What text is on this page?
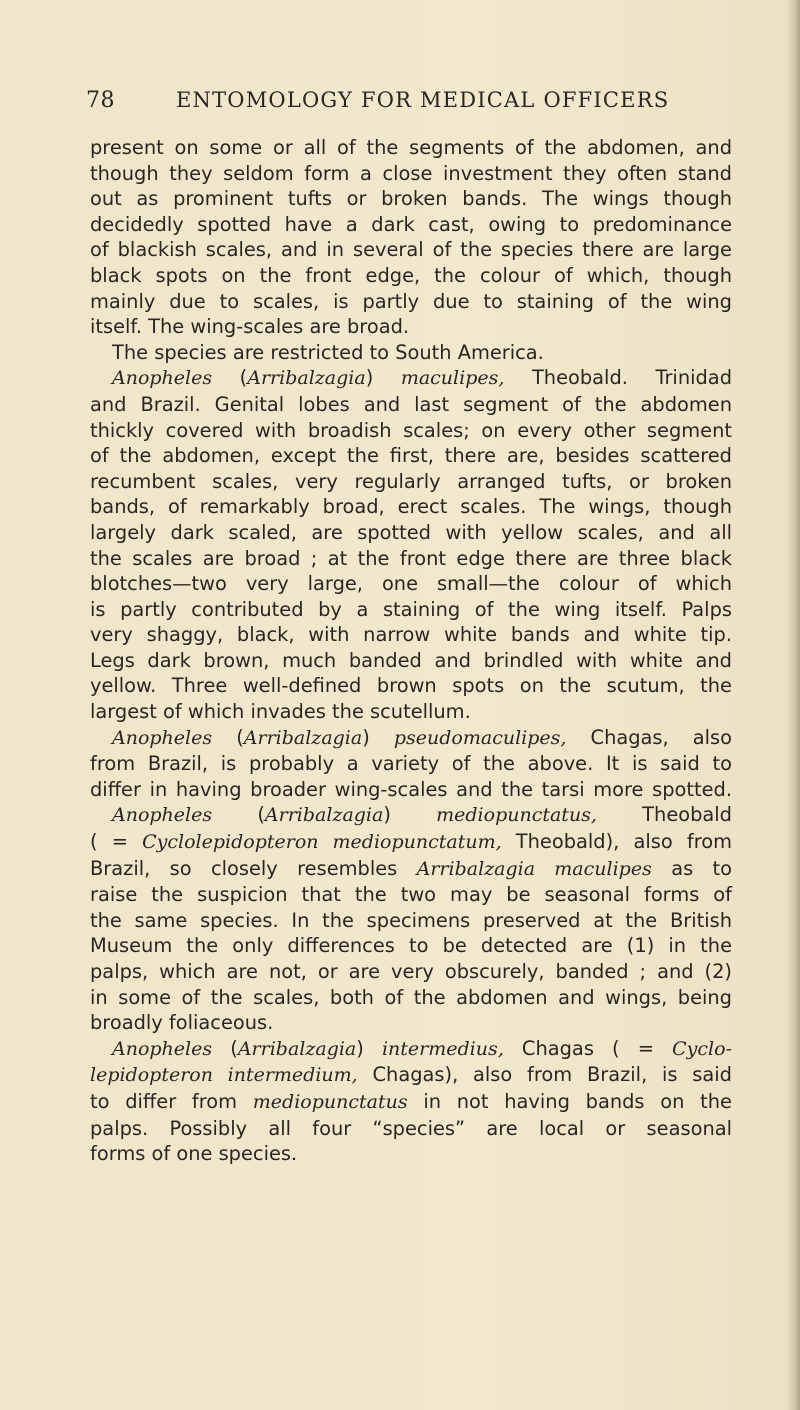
78	ENTOMOLOGY FOR MEDICAL OFFICERS
present on some or all of the segments of the abdomen, and
though they seldom form a close investment they often stand
out as prominent tufts or broken bands. The wings though
decidedly spotted have a dark cast, owing to predominance
of blackish scales, and in several of the species there are large
black spots on the front edge, the colour of which, though
mainly due to scales, is partly due to staining of the wing
itself. The wing-scales are broad.
The species are restricted to South America.
Anopheles (Arribalzagia) maculipes, Theobald. Trinidad
and Brazil. Genital lobes and last segment of the abdomen
thickly covered with broadish scales; on every other segment
of the abdomen, except the first, there are, besides scattered
recumbent scales, very regularly arranged tufts, or broken
bands, of remarkably broad, erect scales. The wings, though
largely dark scaled, are spotted with yellow scales, and all
the scales are broad ; at the front edge there are three black
blotches—two very large, one small—the colour of which
is partly contributed by a staining of the wing itself. Palps
very shaggy, black, with narrow white bands and white tip.
Legs dark brown, much banded and brindled with white and
yellow. Three well-defined brown spots on the scutum, the
largest of which invades the scutellum.
Anopheles (Arribalzagia) pseudomaculipes, Chagas, also
from Brazil, is probably a variety of the above. It is said to
differ in having broader wing-scales and the tarsi more spotted.
Anopheles (Arribalzagia) mediopunctatus, Theobald
( = Cyclolepidopteron mediopunctatum, Theobald), also from
Brazil, so closely resembles Arribalzagia maculipes as to
raise the suspicion that the two may be seasonal forms of
the same species. In the specimens preserved at the British
Museum the only differences to be detected are (1) in the
palps, which are not, or are very obscurely, banded ; and (2)
in some of the scales, both of the abdomen and wings, being
broadly foliaceous.
Anopheles (Arribalzagia) intermedius, Chagas ( = Cyclo-
lepidopteron intermedium, Chagas), also from Brazil, is said
to differ from mediopunctatus in not having bands on the
palps. Possibly all four “species” are local or seasonal
forms of one species.
